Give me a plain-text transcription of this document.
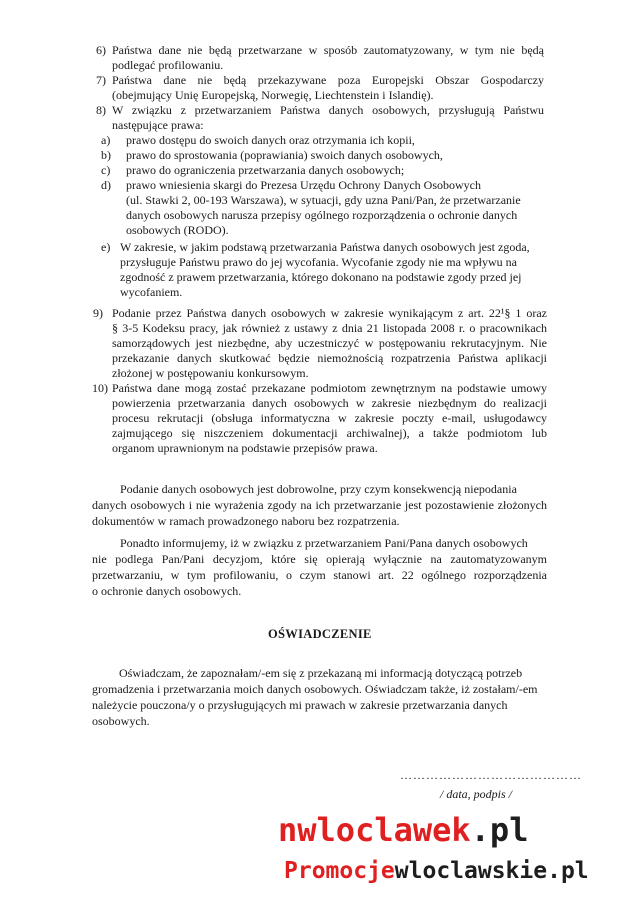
6) Państwa dane nie będą przetwarzane w sposób zautomatyzowany, w tym nie będą
podlegać profilowaniu.
7) Państwa dane nie będą przekazywane poza Europejski Obszar Gospodarczy
(obejmujący Unię Europejską, Norwegię, Liechtenstein i Islandię).
8) W związku z przetwarzaniem Państwa danych osobowych, przysługują Państwu
następujące prawa:
a) prawo dostępu do swoich danych oraz otrzymania ich kopii,
b) prawo do sprostowania (poprawiania) swoich danych osobowych,
c) prawo do ograniczenia przetwarzania danych osobowych;
d) prawo wniesienia skargi do Prezesa Urzędu Ochrony Danych Osobowych
(ul. Stawki 2, 00-193 Warszawa), w sytuacji, gdy uzna Pani/Pan, że przetwarzanie
danych osobowych narusza przepisy ogólnego rozporządzenia o ochronie danych
osobowych (RODO).
e) W zakresie, w jakim podstawą przetwarzania Państwa danych osobowych jest zgoda,
przysługuje Państwu prawo do jej wycofania. Wycofanie zgody nie ma wpływu na
zgodność z prawem przetwarzania, którego dokonano na podstawie zgody przed jej
wycofaniem.
9) Podanie przez Państwa danych osobowych w zakresie wynikającym z art. 22¹§ 1 oraz
§ 3-5 Kodeksu pracy, jak również z ustawy z dnia 21 listopada 2008 r. o pracownikach
samorządowych jest niezbędne, aby uczestniczyć w postępowaniu rekrutacyjnym. Nie
przekazanie danych skutkować będzie niemożnością rozpatrzenia Państwa aplikacji
złożonej w postępowaniu konkursowym.
10) Państwa dane mogą zostać przekazane podmiotom zewnętrznym na podstawie umowy
powierzenia przetwarzania danych osobowych w zakresie niezbędnym do realizacji
procesu rekrutacji (obsługa informatyczna w zakresie poczty e-mail, usługodawcy
zajmującego się niszczeniem dokumentacji archiwalnej), a także podmiotom lub
organom uprawnionym na podstawie przepisów prawa.
Podanie danych osobowych jest dobrowolne, przy czym konsekwencją niepodania
danych osobowych i nie wyrażenia zgody na ich przetwarzanie jest pozostawienie złożonych
dokumentów w ramach prowadzonego naboru bez rozpatrzenia.
Ponadto informujemy, iż w związku z przetwarzaniem Pani/Pana danych osobowych
nie podlega Pan/Pani decyzjom, które się opierają wyłącznie na zautomatyzowanym
przetwarzaniu, w tym profilowaniu, o czym stanowi art. 22 ogólnego rozporządzenia
o ochronie danych osobowych.
OŚWIADCZENIE
Oświadczam, że zapoznałam/-em się z przekazaną mi informacją dotyczącą potrzeb
gromadzenia i przetwarzania moich danych osobowych. Oświadczam także, iż zostałam/-em
należycie pouczona/y o przysługujących mi prawach w zakresie przetwarzania danych
osobowych.
……………………………………
/ data, podpis /
nwloclawek.pl
Promocjewloclawskie.pl
